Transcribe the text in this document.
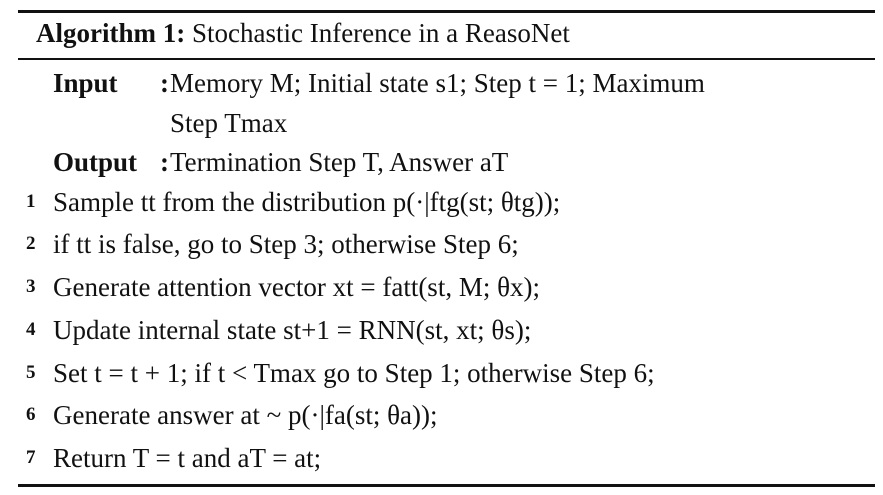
Algorithm 1: Stochastic Inference in a ReasoNet
Input : Memory M; Initial state s1; Step t = 1; Maximum
Step Tmax
Output : Termination Step T, Answer aT
1 Sample tt from the distribution p(·|ftg(st; θtg));
2 if tt is false, go to Step 3; otherwise Step 6;
3 Generate attention vector xt = fatt(st, M; θx);
4 Update internal state st+1 = RNN(st, xt; θs);
5 Set t = t + 1; if t < Tmax go to Step 1; otherwise Step 6;
6 Generate answer at ~ p(·|fa(st; θa));
7 Return T = t and aT = at;
